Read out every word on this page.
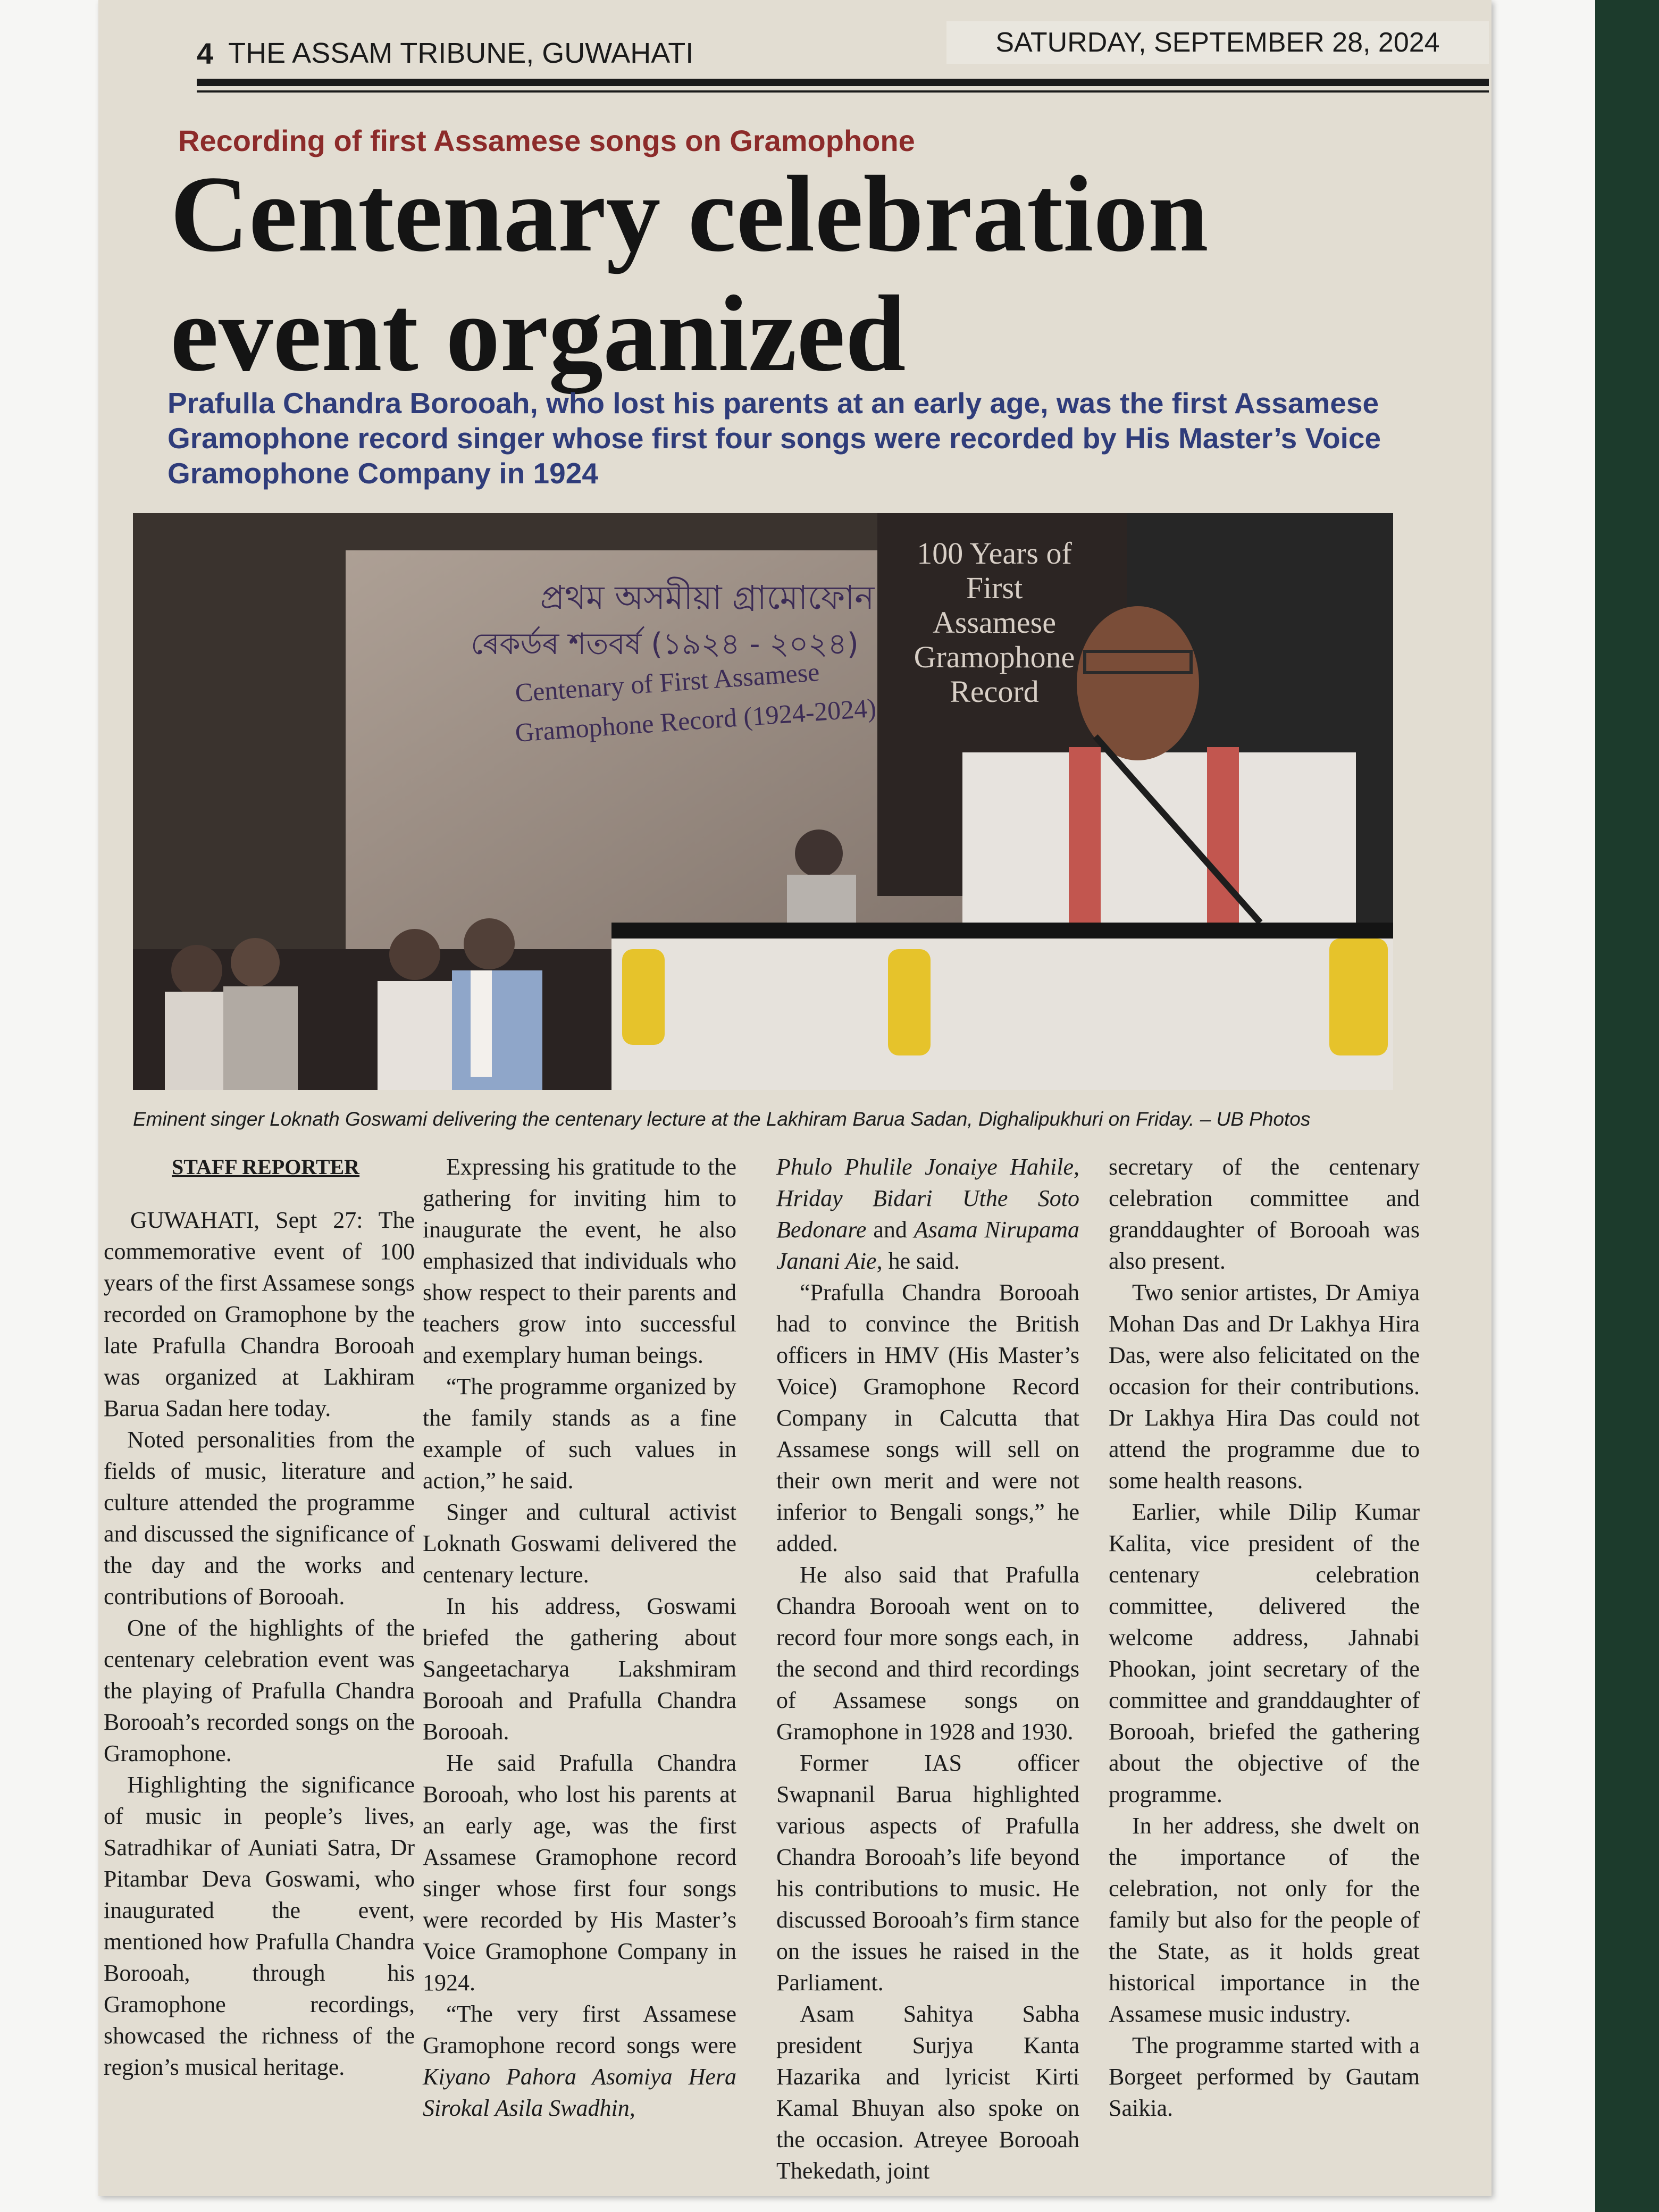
4 THE ASSAM TRIBUNE, GUWAHATI	SATURDAY, SEPTEMBER 28, 2024
Recording of first Assamese songs on Gramophone
Centenary celebration event organized

Prafulla Chandra Borooah, who lost his parents at an early age, was the first Assamese Gramophone record singer whose first four songs were recorded by His Master’s Voice Gramophone Company in 1924

প্ৰথম অসমীয়া গ্ৰামোফোন
ৰেকৰ্ডৰ শতবৰ্ষ (১৯২৪ - ২০২৪)
Centenary of First Assamese
Gramophone Record (1924-2024)
100 Years of
First
Assamese
Gramophone
Record
Eminent singer Loknath Goswami delivering the centenary lecture at the Lakhiram Barua Sadan, Dighalipukhuri on Friday. – UB Photos
STAFF REPORTER

GUWAHATI, Sept 27: The commemorative event of 100 years of the first Assamese songs recorded on Gramophone by the late Prafulla Chandra Borooah was organized at Lakhiram Barua Sadan here today.

Noted personalities from the fields of music, literature and culture attended the programme and discussed the significance of the day and the works and contributions of Borooah.

One of the highlights of the centenary celebration event was the playing of Prafulla Chandra Borooah’s recorded songs on the Gramophone.

Highlighting the significance of music in people’s lives, Satradhikar of Auniati Satra, Dr Pitambar Deva Goswami, who inaugurated the event, mentioned how Prafulla Chandra Borooah, through his Gramophone recordings, showcased the richness of the region’s musical heritage.

Expressing his gratitude to the gathering for inviting him to inaugurate the event, he also emphasized that individuals who show respect to their parents and teachers grow into successful and exemplary human beings.

“The programme organized by the family stands as a fine example of such values in action,” he said.

Singer and cultural activist Loknath Goswami delivered the centenary lecture.

In his address, Goswami briefed the gathering about Sangeetacharya Lakshmiram Borooah and Prafulla Chandra Borooah.

He said Prafulla Chandra Borooah, who lost his parents at an early age, was the first Assamese Gramophone record singer whose first four songs were recorded by His Master’s Voice Gramophone Company in 1924.

“The very first Assamese Gramophone record songs were Kiyano Pahora Asomiya Hera Sirokal Asila Swadhin,

Phulo Phulile Jonaiye Hahile, Hriday Bidari Uthe Soto Bedonare and Asama Nirupama Janani Aie, he said.

“Prafulla Chandra Borooah had to convince the British officers in HMV (His Master’s Voice) Gramophone Record Company in Calcutta that Assamese songs will sell on their own merit and were not inferior to Bengali songs,” he added.

He also said that Prafulla Chandra Borooah went on to record four more songs each, in the second and third recordings of Assamese songs on Gramophone in 1928 and 1930.

Former IAS officer Swapnanil Barua highlighted various aspects of Prafulla Chandra Borooah’s life beyond his contributions to music. He discussed Borooah’s firm stance on the issues he raised in the Parliament.

Asam Sahitya Sabha president Surjya Kanta Hazarika and lyricist Kirti Kamal Bhuyan also spoke on the occasion. Atreyee Borooah Thekedath, joint

secretary of the centenary celebration committee and granddaughter of Borooah was also present.

Two senior artistes, Dr Amiya Mohan Das and Dr Lakhya Hira Das, were also felicitated on the occasion for their contributions. Dr Lakhya Hira Das could not attend the programme due to some health reasons.

Earlier, while Dilip Kumar Kalita, vice president of the centenary celebration committee, delivered the welcome address, Jahnabi Phookan, joint secretary of the committee and granddaughter of Borooah, briefed the gathering about the objective of the programme.

In her address, she dwelt on the importance of the celebration, not only for the family but also for the people of the State, as it holds great historical importance in the Assamese music industry.

The programme started with a Borgeet performed by Gautam Saikia.
